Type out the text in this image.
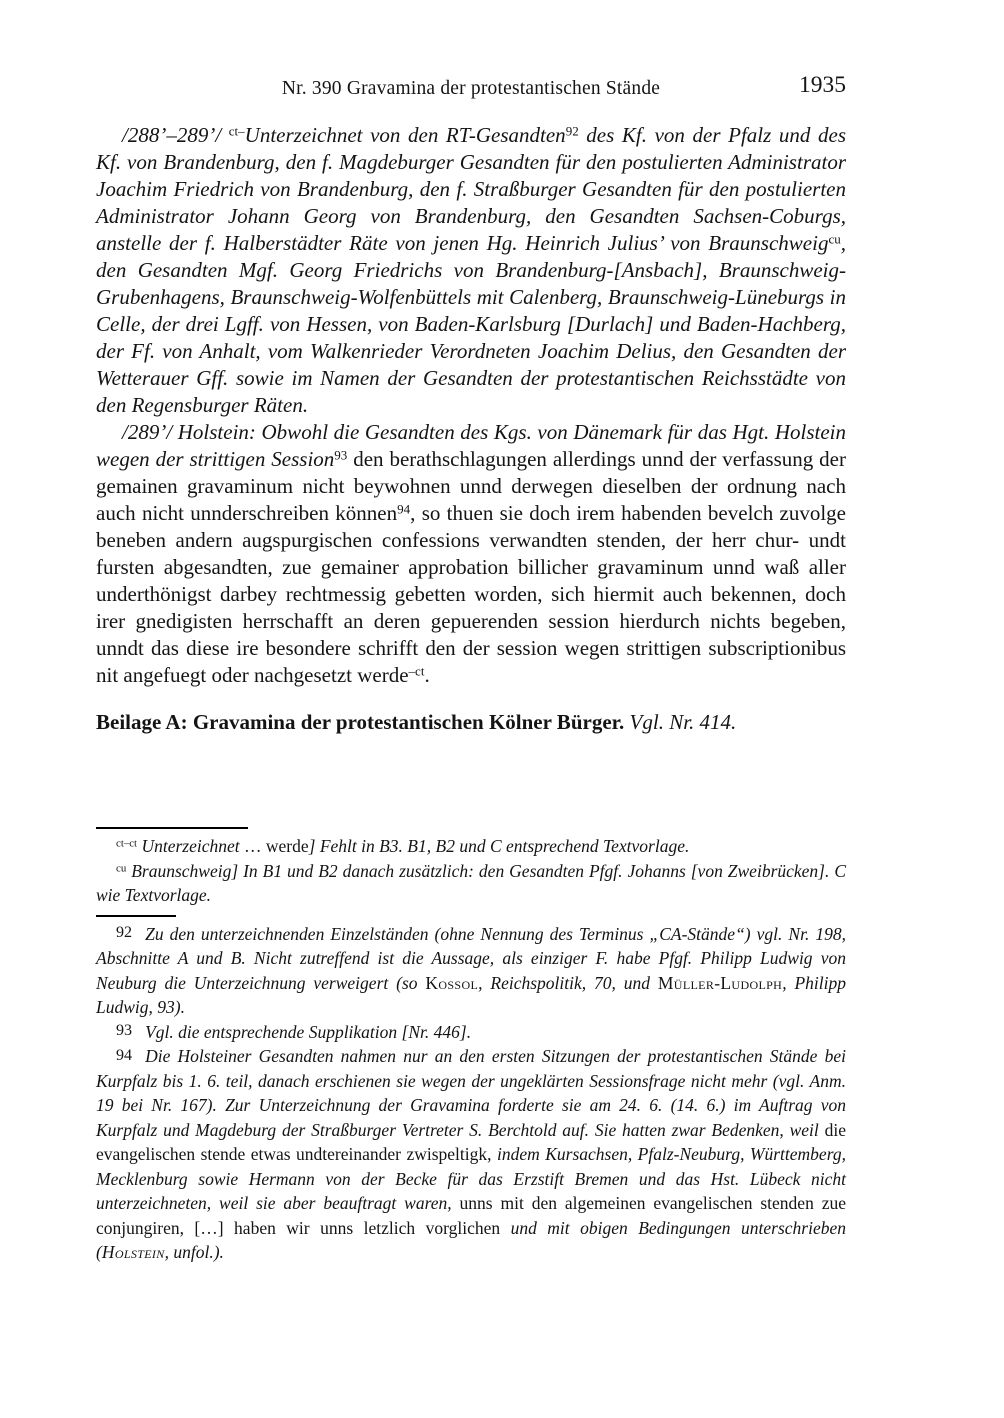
Nr. 390 Gravamina der protestantischen Stände	1935

/288’–289’/ $^{ct-}$Unterzeichnet von den RT-Gesandten$^{92}$ des Kf. von der Pfalz und des Kf. von Brandenburg, den f. Magdeburger Gesandten für den postulierten Administrator Joachim Friedrich von Brandenburg, den f. Straßburger Gesandten für den postulierten Administrator Johann Georg von Brandenburg, den Gesandten Sachsen-Coburgs, anstelle der f. Halberstädter Räte von jenen Hg. Heinrich Julius’ von Braunschweig$^{cu}$, den Gesandten Mgf. Georg Friedrichs von Brandenburg-[Ansbach], Braunschweig-Grubenhagens, Braunschweig-Wolfenbüttels mit Calenberg, Braunschweig-Lüneburgs in Celle, der drei Lgff. von Hessen, von Baden-Karlsburg [Durlach] und Baden-Hachberg, der Ff. von Anhalt, vom Walkenrieder Verordneten Joachim Delius, den Gesandten der Wetterauer Gff. sowie im Namen der Gesandten der protestantischen Reichsstädte von den Regensburger Räten.

/289’/ Holstein: Obwohl die Gesandten des Kgs. von Dänemark für das Hgt. Holstein wegen der strittigen Session$^{93}$ den berathschlagungen allerdings unnd der verfassung der gemainen gravaminum nicht beywohnen unnd derwegen dieselben der ordnung nach auch nicht unnderschreiben können$^{94}$, so thuen sie doch irem habenden bevelch zuvolge beneben andern augspurgischen confessions verwandten stenden, der herr chur- undt fursten abgesandten, zue gemainer approbation billicher gravaminum unnd waß aller underthönigst darbey rechtmessig gebetten worden, sich hiermit auch bekennen, doch irer gnedigisten herrschafft an deren gepuerenden session hierdurch nichts begeben, unndt das diese ire besondere schrifft den der session wegen strittigen subscriptionibus nit angefuegt oder nachgesetzt werde$^{-ct}$.

Beilage A: Gravamina der protestantischen Kölner Bürger. Vgl. Nr. 414.

$^{ct-ct}$ Unterzeichnet … werde] Fehlt in B3. B1, B2 und C entsprechend Textvorlage.

$^{cu}$ Braunschweig] In B1 und B2 danach zusätzlich: den Gesandten Pfgf. Johanns [von Zweibrücken]. C wie Textvorlage.

92 Zu den unterzeichnenden Einzelständen (ohne Nennung des Terminus „CA-Stände“) vgl. Nr. 198, Abschnitte A und B. Nicht zutreffend ist die Aussage, als einziger F. habe Pfgf. Philipp Ludwig von Neuburg die Unterzeichnung verweigert (so Kossol, Reichspolitik, 70, und Müller-Ludolph, Philipp Ludwig, 93).

93 Vgl. die entsprechende Supplikation [Nr. 446].

94 Die Holsteiner Gesandten nahmen nur an den ersten Sitzungen der protestantischen Stände bei Kurpfalz bis 1. 6. teil, danach erschienen sie wegen der ungeklärten Sessionsfrage nicht mehr (vgl. Anm. 19 bei Nr. 167). Zur Unterzeichnung der Gravamina forderte sie am 24. 6. (14. 6.) im Auftrag von Kurpfalz und Magdeburg der Straßburger Vertreter S. Berchtold auf. Sie hatten zwar Bedenken, weil die evangelischen stende etwas undtereinander zwispeltigk, indem Kursachsen, Pfalz-Neuburg, Württemberg, Mecklenburg sowie Hermann von der Becke für das Erzstift Bremen und das Hst. Lübeck nicht unterzeichneten, weil sie aber beauftragt waren, unns mit den algemeinen evangelischen stenden zue conjungiren, […] haben wir unns letzlich vorglichen und mit obigen Bedingungen unterschrieben (Holstein, unfol.).
